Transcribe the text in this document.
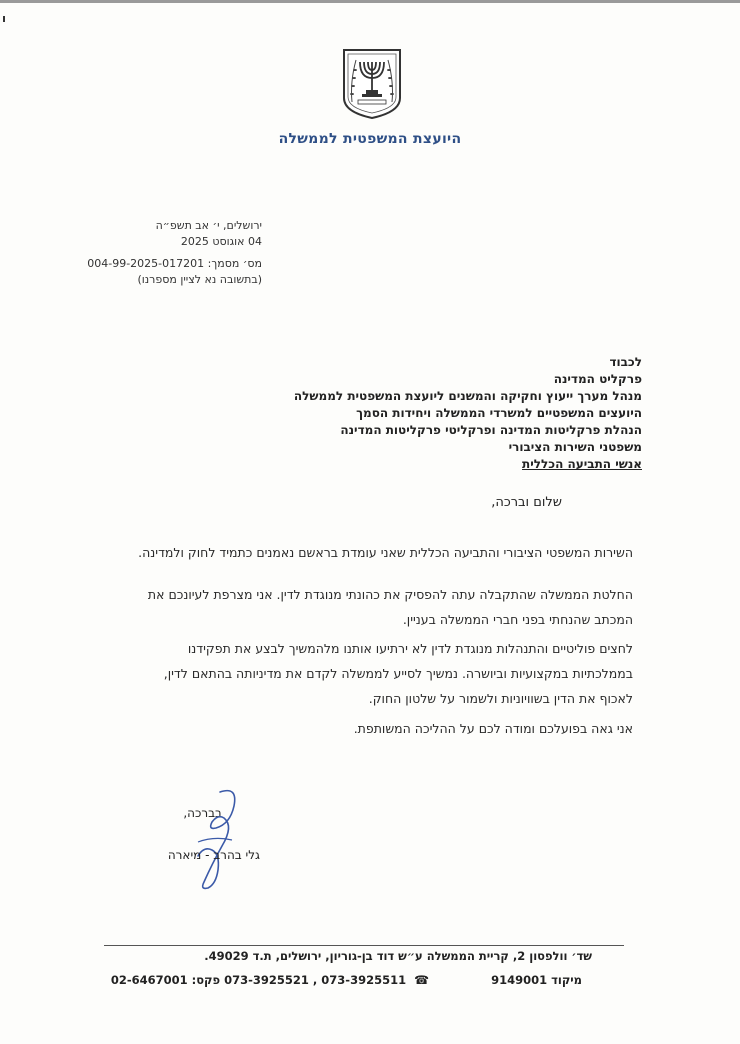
היועצת המשפטית לממשלה
ירושלים, י׳ אב תשפ״ה
04 אוגוסט 2025
מס׳ מסמך: 004-99-2025-017201
(בתשובה נא לציין מספרנו)
לכבוד
פרקליט המדינה
מנהל מערך ייעוץ וחקיקה והמשנים ליועצת המשפטית לממשלה
היועצים המשפטיים למשרדי הממשלה ויחידות הסמך
הנהלת פרקליטות המדינה ופרקליטי פרקליטות המדינה
משפטני השירות הציבורי
אנשי התביעה הכללית
שלום וברכה,
השירות המשפטי הציבורי והתביעה הכללית שאני עומדת בראשם נאמנים כתמיד לחוק ולמדינה.
החלטת הממשלה שהתקבלה עתה להפסיק את כהונתי מנוגדת לדין. אני מצרפת לעיונכם את
המכתב שהנחתי בפני חברי הממשלה בעניין.
לחצים פוליטיים והתנהלות מנוגדת לדין לא ירתיעו אותנו מלהמשיך לבצע את תפקידנו
בממלכתיות במקצועיות וביושרה. נמשיך לסייע לממשלה לקדם את מדיניותה בהתאם לדין,
לאכוף את הדין בשוויוניות ולשמור על שלטון החוק.
אני גאה בפועלכם ומודה לכם על ההליכה המשותפת.
בברכה,
גלי בהרב - מיארה
שד׳ וולפסון 2, קריית הממשלה ע״ש דוד בן-גוריון, ירושלים, ת.ד 49029.
מיקוד 9149001  ☎ 073-3925511 , 073-3925521 פקס: 02-6467001
